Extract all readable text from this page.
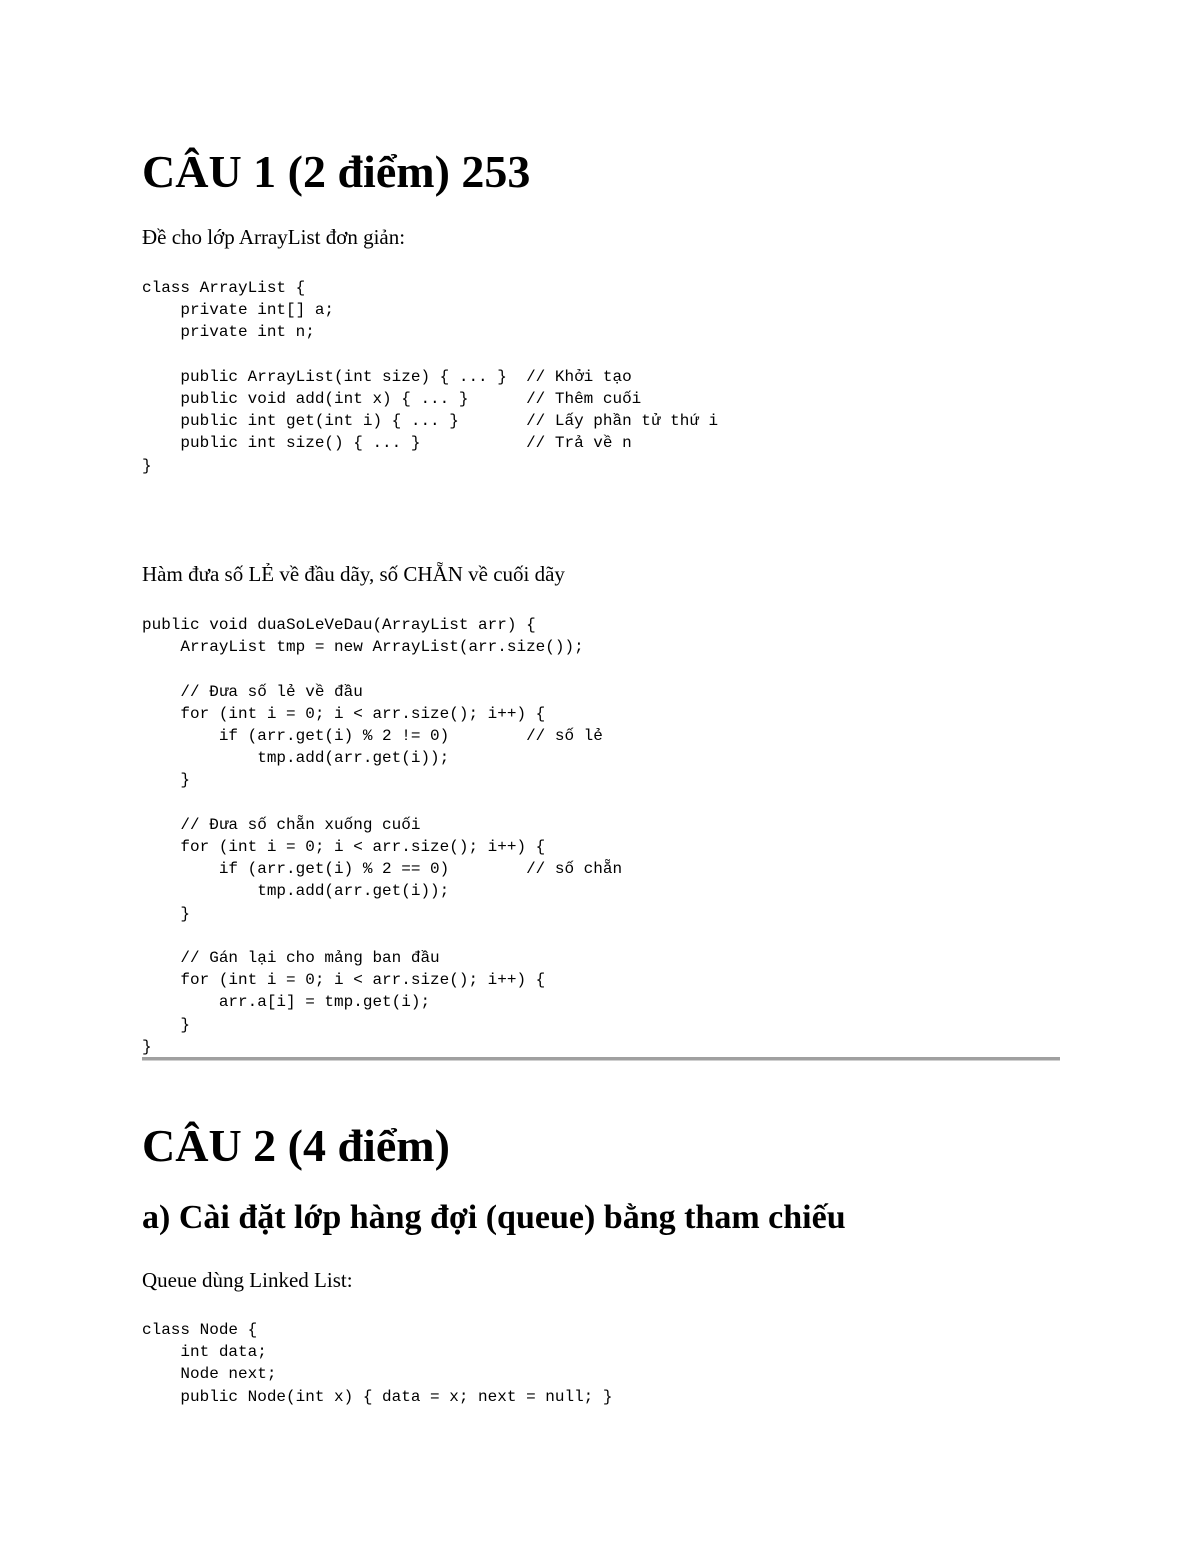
CÂU 1 (2 điểm) 253

Đề cho lớp ArrayList đơn giản:

class ArrayList {
private int[] a;
private int n;

public ArrayList(int size) { ... }  // Khởi tạo
public void add(int x) { ... }      // Thêm cuối
public int get(int i) { ... }       // Lấy phần tử thứ i
public int size() { ... }           // Trả về n
}

Hàm đưa số LẺ về đầu dãy, số CHẴN về cuối dãy

public void duaSoLeVeDau(ArrayList arr) {
ArrayList tmp = new ArrayList(arr.size());

// Đưa số lẻ về đầu
for (int i = 0; i < arr.size(); i++) {
if (arr.get(i) % 2 != 0)        // số lẻ
tmp.add(arr.get(i));
}

// Đưa số chẵn xuống cuối
for (int i = 0; i < arr.size(); i++) {
if (arr.get(i) % 2 == 0)        // số chẵn
tmp.add(arr.get(i));
}

// Gán lại cho mảng ban đầu
for (int i = 0; i < arr.size(); i++) {
arr.a[i] = tmp.get(i);
}
}
CÂU 2 (4 điểm)
a) Cài đặt lớp hàng đợi (queue) bằng tham chiếu

Queue dùng Linked List:

class Node {
int data;
Node next;
public Node(int x) { data = x; next = null; }
